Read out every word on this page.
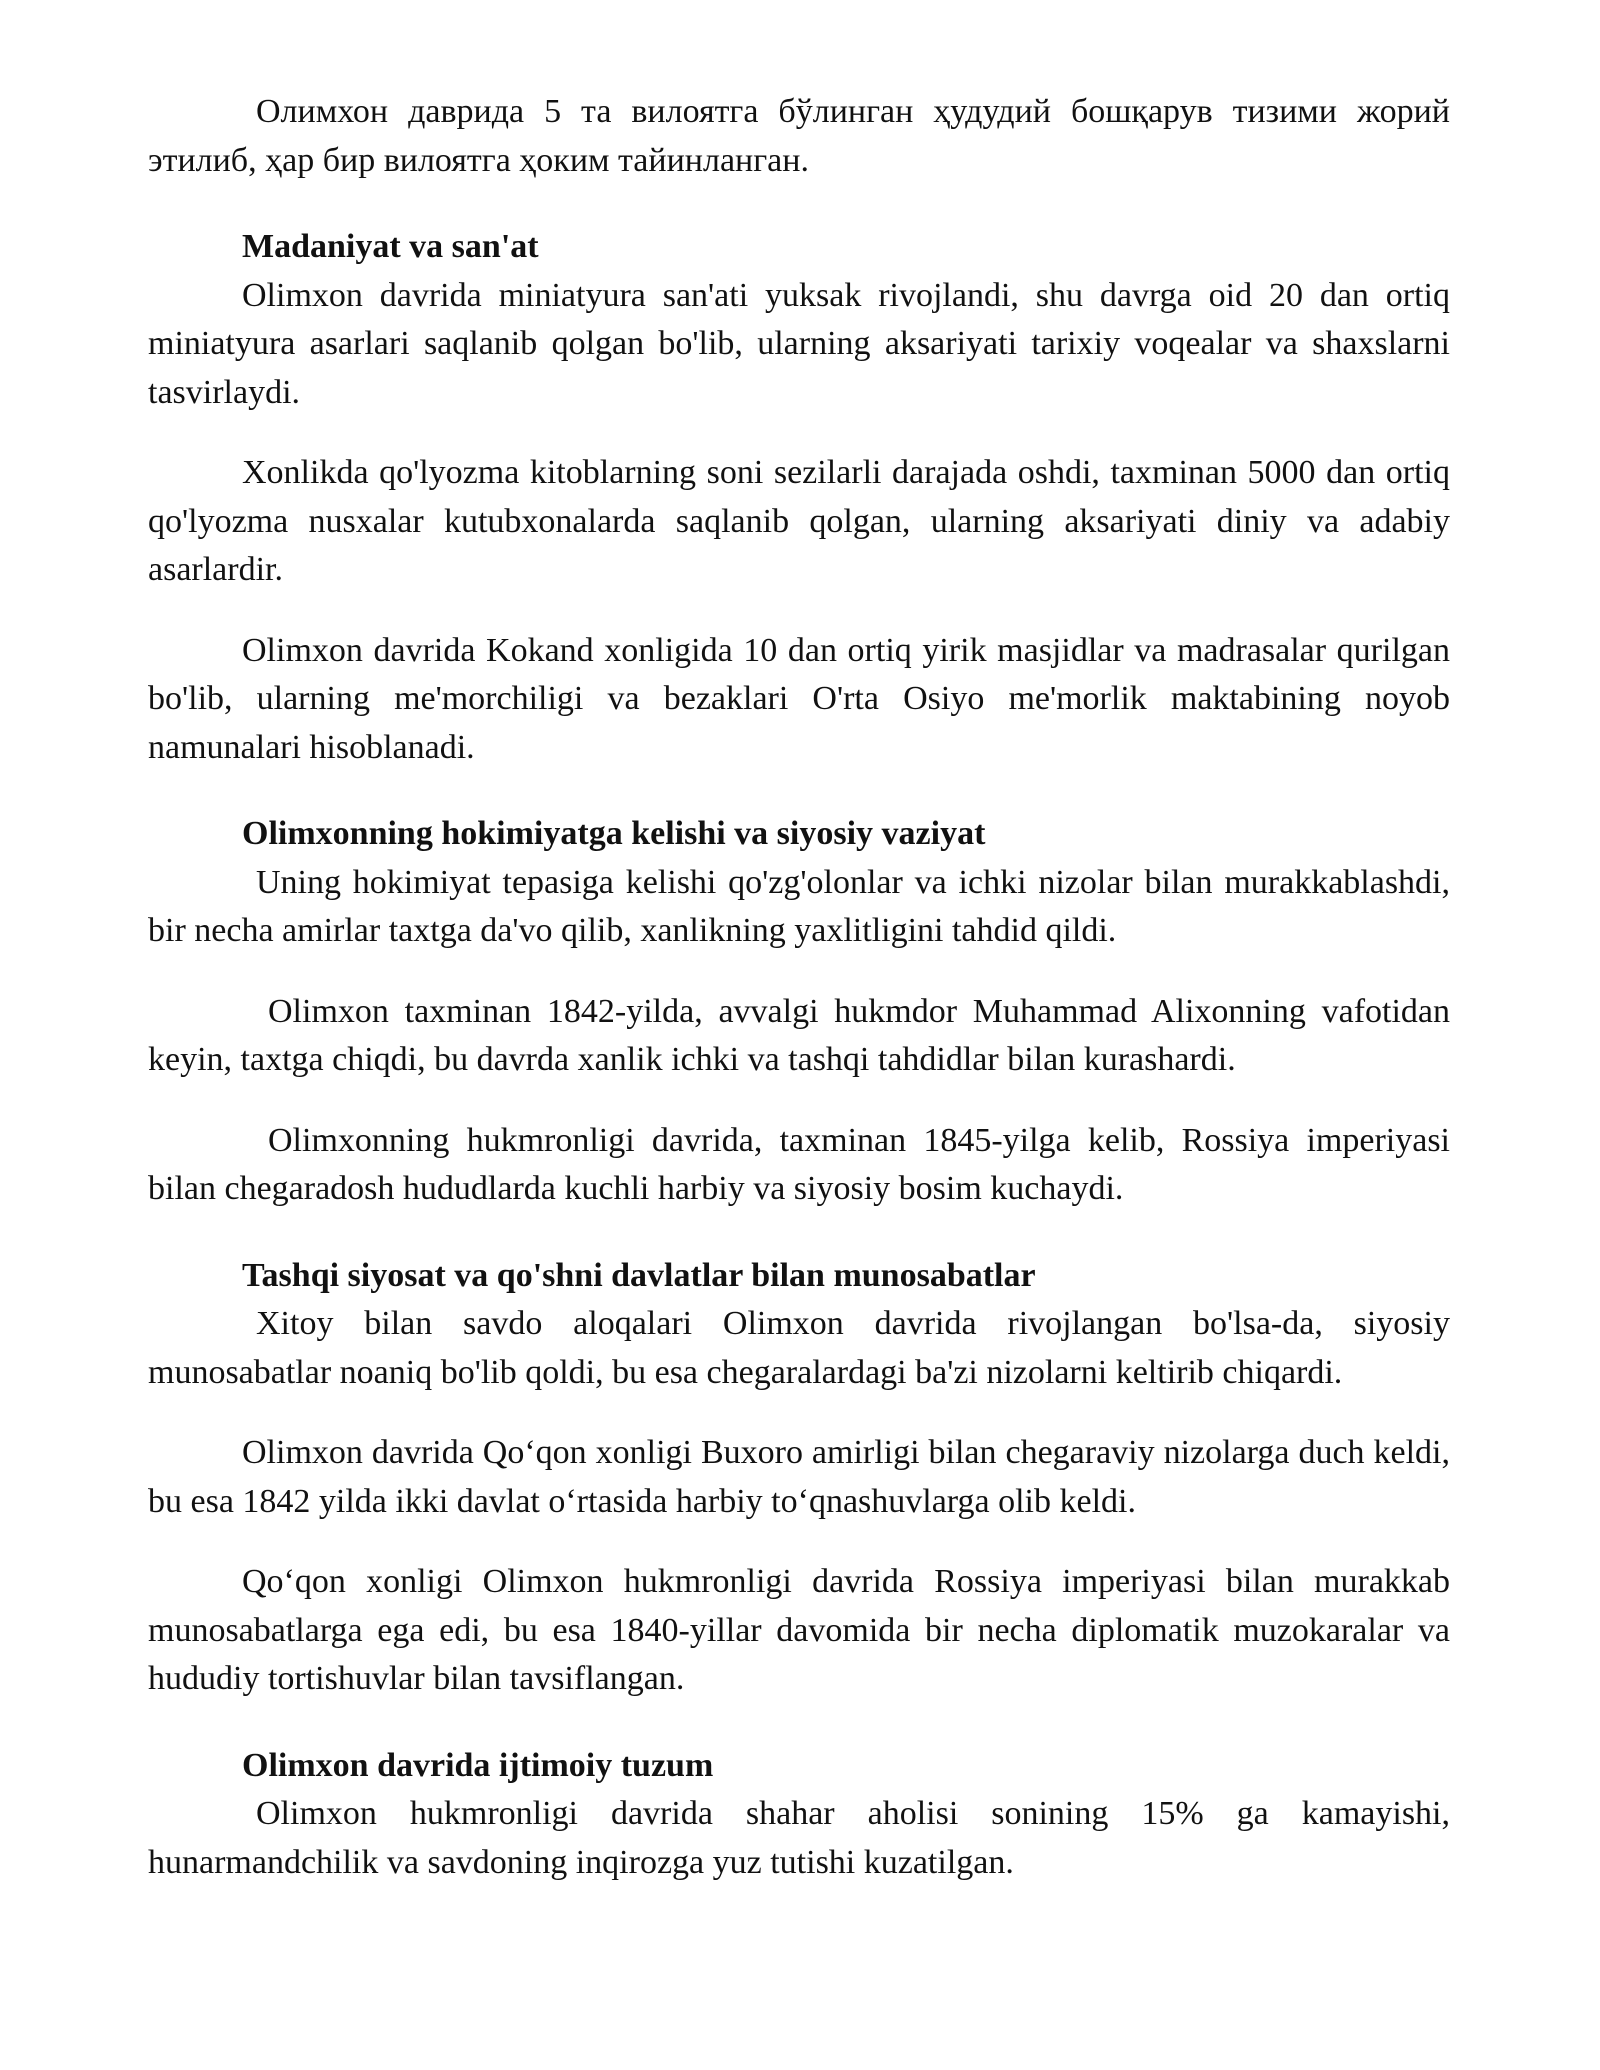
Олимхон даврида 5 та вилоятга бўлинган ҳудудий бошқарув тизими жорий этилиб, ҳар бир вилоятга ҳоким тайинланган.

Madaniyat va san'at

Olimxon davrida miniatyura san'ati yuksak rivojlandi, shu davrga oid 20 dan ortiq miniatyura asarlari saqlanib qolgan bo'lib, ularning aksariyati tarixiy voqealar va shaxslarni tasvirlaydi.

Xonlikda qo'lyozma kitoblarning soni sezilarli darajada oshdi, taxminan 5000 dan ortiq qo'lyozma nusxalar kutubxonalarda saqlanib qolgan, ularning aksariyati diniy va adabiy asarlardir.

Olimxon davrida Kokand xonligida 10 dan ortiq yirik masjidlar va madrasalar qurilgan bo'lib, ularning me'morchiligi va bezaklari O'rta Osiyo me'morlik maktabining noyob namunalari hisoblanadi.

Olimxonning hokimiyatga kelishi va siyosiy vaziyat

Uning hokimiyat tepasiga kelishi qo'zg'olonlar va ichki nizolar bilan murakkablashdi, bir necha amirlar taxtga da'vo qilib, xanlikning yaxlitligini tahdid qildi.

Olimxon taxminan 1842-yilda, avvalgi hukmdor Muhammad Alixonning vafotidan keyin, taxtga chiqdi, bu davrda xanlik ichki va tashqi tahdidlar bilan kurashardi.

Olimxonning hukmronligi davrida, taxminan 1845-yilga kelib, Rossiya imperiyasi bilan chegaradosh hududlarda kuchli harbiy va siyosiy bosim kuchaydi.

Tashqi siyosat va qo'shni davlatlar bilan munosabatlar

Xitoy bilan savdo aloqalari Olimxon davrida rivojlangan bo'lsa-da, siyosiy munosabatlar noaniq bo'lib qoldi, bu esa chegaralardagi ba'zi nizolarni keltirib chiqardi.

Olimxon davrida Qo‘qon xonligi Buxoro amirligi bilan chegaraviy nizolarga duch keldi, bu esa 1842 yilda ikki davlat o‘rtasida harbiy to‘qnashuvlarga olib keldi.

Qo‘qon xonligi Olimxon hukmronligi davrida Rossiya imperiyasi bilan murakkab munosabatlarga ega edi, bu esa 1840-yillar davomida bir necha diplomatik muzokaralar va hududiy tortishuvlar bilan tavsiflangan.

Olimxon davrida ijtimoiy tuzum

Olimxon hukmronligi davrida shahar aholisi sonining 15% ga kamayishi, hunarmandchilik va savdoning inqirozga yuz tutishi kuzatilgan.
